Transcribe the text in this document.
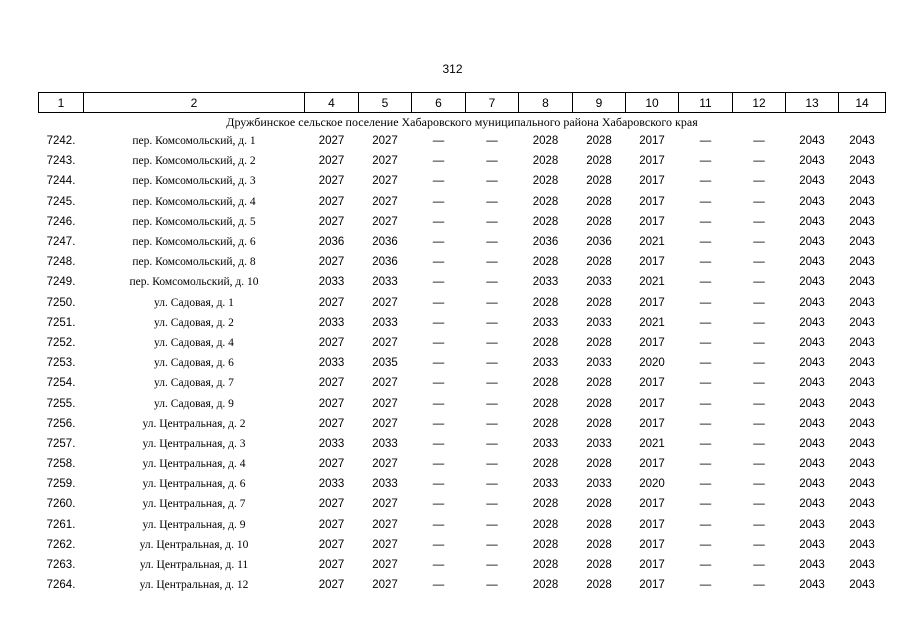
312
1	2	4	5	6	7	8	9	10	11	12	13	14
Дружбинское сельское поселение Хабаровского муниципального района Хабаровского края												
7242.	пер. Комсомольский, д. 1	2027	2027	—	—	2028	2028	2017	—	—	2043	2043
7243.	пер. Комсомольский, д. 2	2027	2027	—	—	2028	2028	2017	—	—	2043	2043
7244.	пер. Комсомольский, д. 3	2027	2027	—	—	2028	2028	2017	—	—	2043	2043
7245.	пер. Комсомольский, д. 4	2027	2027	—	—	2028	2028	2017	—	—	2043	2043
7246.	пер. Комсомольский, д. 5	2027	2027	—	—	2028	2028	2017	—	—	2043	2043
7247.	пер. Комсомольский, д. 6	2036	2036	—	—	2036	2036	2021	—	—	2043	2043
7248.	пер. Комсомольский, д. 8	2027	2036	—	—	2028	2028	2017	—	—	2043	2043
7249.	пер. Комсомольский, д. 10	2033	2033	—	—	2033	2033	2021	—	—	2043	2043
7250.	ул. Садовая, д. 1	2027	2027	—	—	2028	2028	2017	—	—	2043	2043
7251.	ул. Садовая, д. 2	2033	2033	—	—	2033	2033	2021	—	—	2043	2043
7252.	ул. Садовая, д. 4	2027	2027	—	—	2028	2028	2017	—	—	2043	2043
7253.	ул. Садовая, д. 6	2033	2035	—	—	2033	2033	2020	—	—	2043	2043
7254.	ул. Садовая, д. 7	2027	2027	—	—	2028	2028	2017	—	—	2043	2043
7255.	ул. Садовая, д. 9	2027	2027	—	—	2028	2028	2017	—	—	2043	2043
7256.	ул. Центральная, д. 2	2027	2027	—	—	2028	2028	2017	—	—	2043	2043
7257.	ул. Центральная, д. 3	2033	2033	—	—	2033	2033	2021	—	—	2043	2043
7258.	ул. Центральная, д. 4	2027	2027	—	—	2028	2028	2017	—	—	2043	2043
7259.	ул. Центральная, д. 6	2033	2033	—	—	2033	2033	2020	—	—	2043	2043
7260.	ул. Центральная, д. 7	2027	2027	—	—	2028	2028	2017	—	—	2043	2043
7261.	ул. Центральная, д. 9	2027	2027	—	—	2028	2028	2017	—	—	2043	2043
7262.	ул. Центральная, д. 10	2027	2027	—	—	2028	2028	2017	—	—	2043	2043
7263.	ул. Центральная, д. 11	2027	2027	—	—	2028	2028	2017	—	—	2043	2043
7264.	ул. Центральная, д. 12	2027	2027	—	—	2028	2028	2017	—	—	2043	2043
